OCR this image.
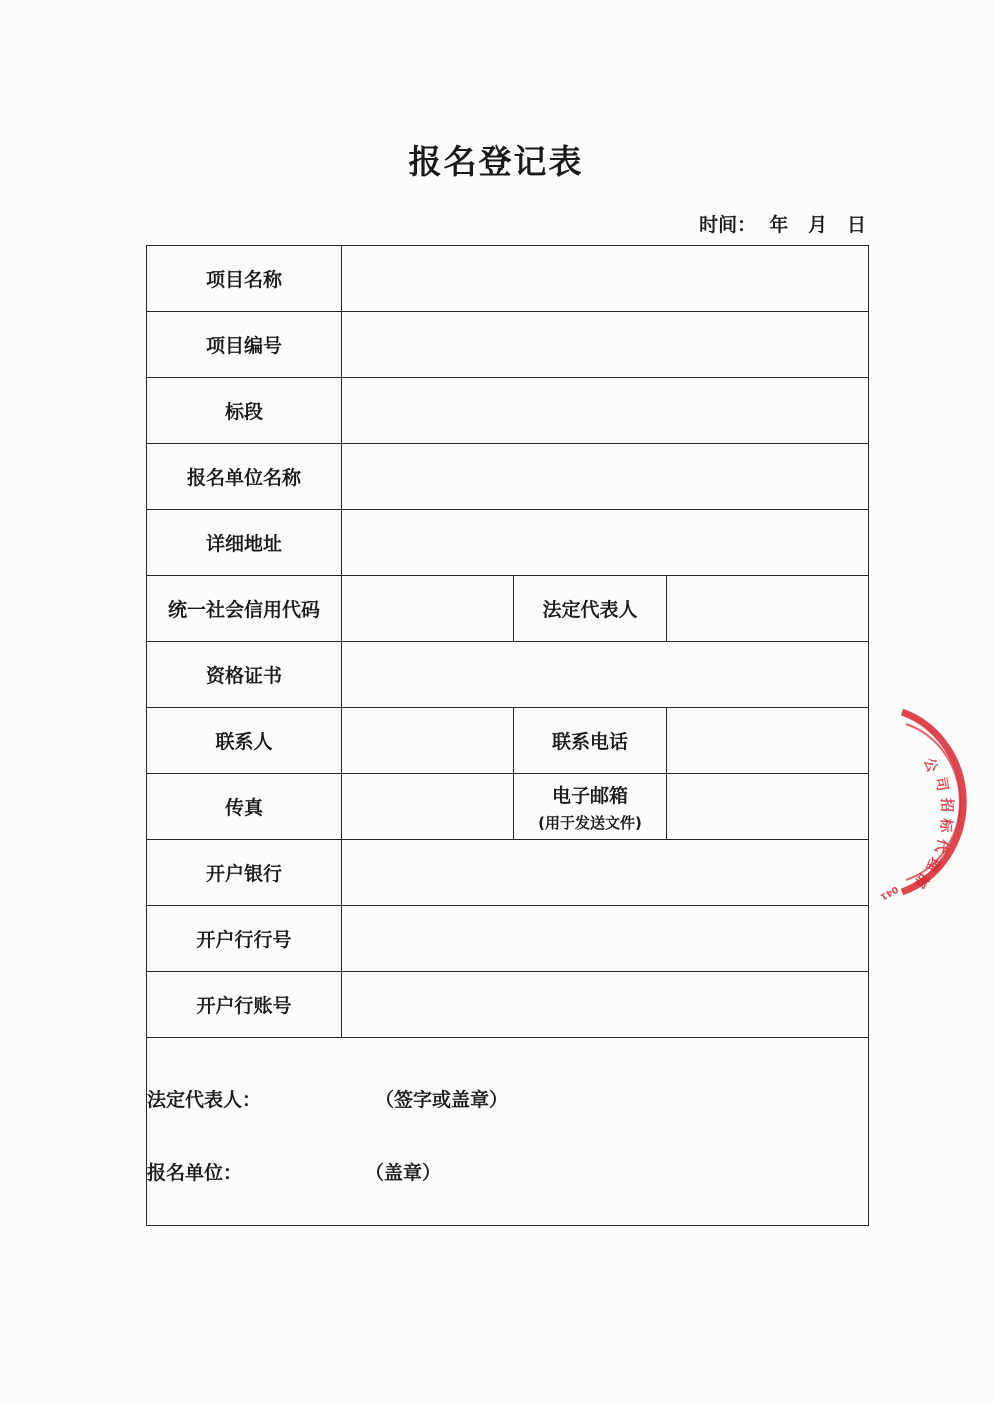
报名登记表
时间：  年   月   日
项目名称			
项目编号			
标段			
报名单位名称			
详细地址			
统一社会信用代码		法定代表人	
资格证书			
联系人		联系电话	
传真		电子邮箱
(用于发送文件)	

开户银行			
开户行行号			
开户行账号			

法定代表人： （签字或盖章）
报名单位： （盖章）			
公
司
招
标
代
理
部
041
